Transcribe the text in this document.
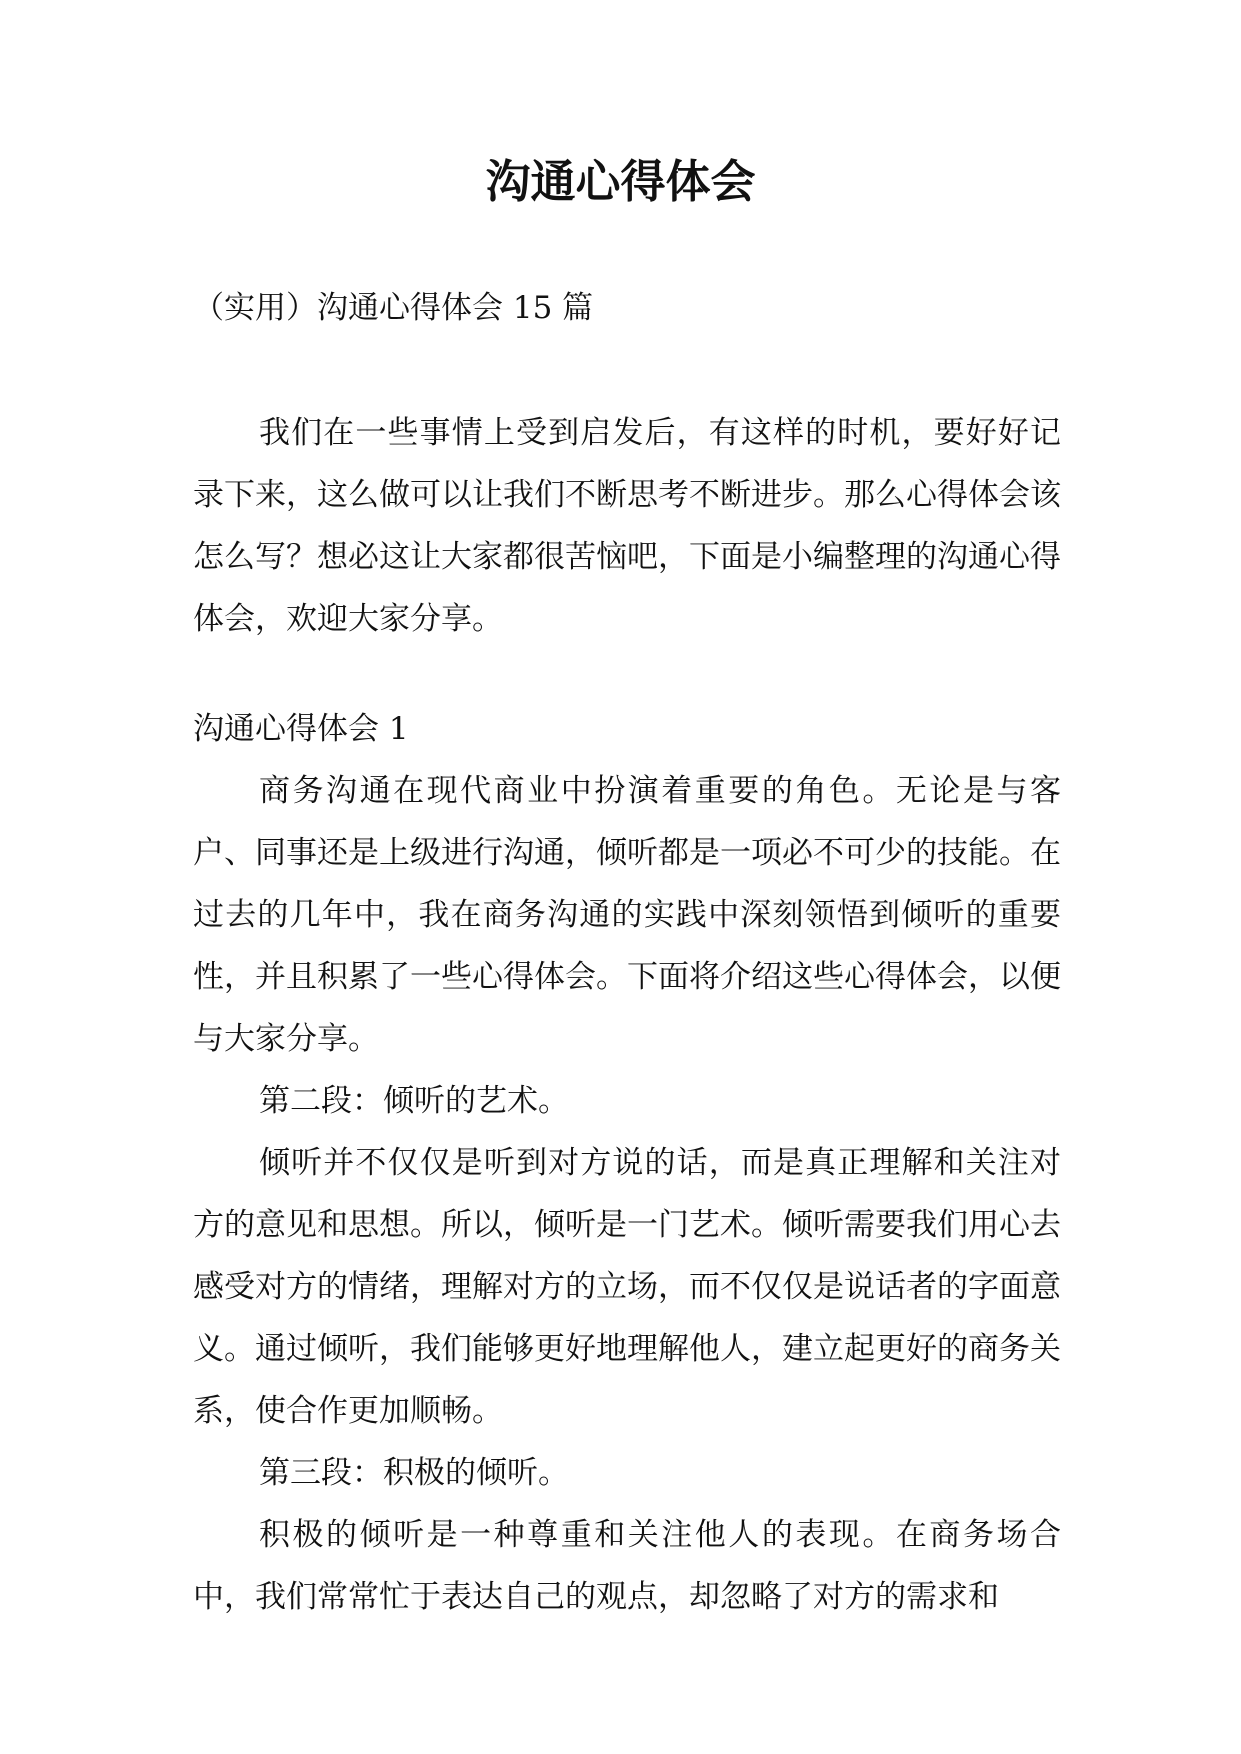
沟通心得体会

（实用）沟通心得体会 15 篇

我们在一些事情上受到启发后，有这样的时机，要好好记录下来，这么做可以让我们不断思考不断进步。那么心得体会该怎么写？想必这让大家都很苦恼吧，下面是小编整理的沟通心得体会，欢迎大家分享。

沟通心得体会 1

商务沟通在现代商业中扮演着重要的角色。无论是与客户、同事还是上级进行沟通，倾听都是一项必不可少的技能。在过去的几年中，我在商务沟通的实践中深刻领悟到倾听的重要性，并且积累了一些心得体会。下面将介绍这些心得体会，以便与大家分享。

第二段：倾听的艺术。

倾听并不仅仅是听到对方说的话，而是真正理解和关注对方的意见和思想。所以，倾听是一门艺术。倾听需要我们用心去感受对方的情绪，理解对方的立场，而不仅仅是说话者的字面意义。通过倾听，我们能够更好地理解他人，建立起更好的商务关系，使合作更加顺畅。

第三段：积极的倾听。

积极的倾听是一种尊重和关注他人的表现。在商务场合中，我们常常忙于表达自己的观点，却忽略了对方的需求和
